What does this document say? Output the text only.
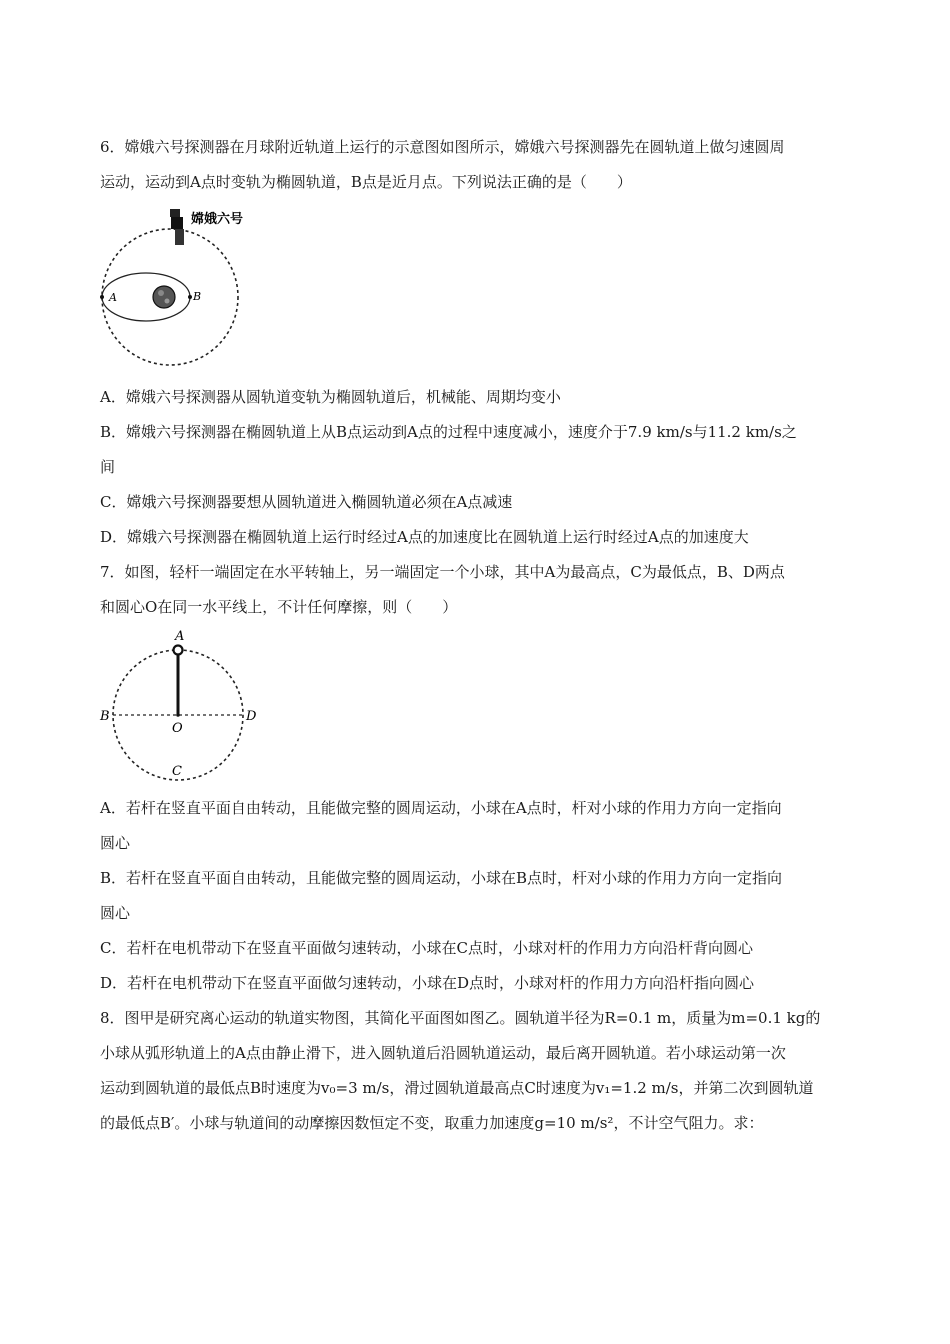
6．嫦娥六号探测器在月球附近轨道上运行的示意图如图所示，嫦娥六号探测器先在圆轨道上做匀速圆周
运动，运动到A点时变轨为椭圆轨道，B点是近月点。下列说法正确的是（　　）
A	B
嫦娥六号
A．嫦娥六号探测器从圆轨道变轨为椭圆轨道后，机械能、周期均变小
B．嫦娥六号探测器在椭圆轨道上从B点运动到A点的过程中速度减小，速度介于7.9 km/s与11.2 km/s之
间
C．嫦娥六号探测器要想从圆轨道进入椭圆轨道必须在A点减速
D．嫦娥六号探测器在椭圆轨道上运行时经过A点的加速度比在圆轨道上运行时经过A点的加速度大
7．如图，轻杆一端固定在水平转轴上，另一端固定一个小球，其中A为最高点，C为最低点，B、D两点
和圆心O在同一水平线上，不计任何摩擦，则（　　）
A
B	D
O
C
A．若杆在竖直平面自由转动，且能做完整的圆周运动，小球在A点时，杆对小球的作用力方向一定指向
圆心
B．若杆在竖直平面自由转动，且能做完整的圆周运动，小球在B点时，杆对小球的作用力方向一定指向
圆心
C．若杆在电机带动下在竖直平面做匀速转动，小球在C点时，小球对杆的作用力方向沿杆背向圆心
D．若杆在电机带动下在竖直平面做匀速转动，小球在D点时，小球对杆的作用力方向沿杆指向圆心
8．图甲是研究离心运动的轨道实物图，其简化平面图如图乙。圆轨道半径为R=0.1 m，质量为m=0.1 kg的
小球从弧形轨道上的A点由静止滑下，进入圆轨道后沿圆轨道运动，最后离开圆轨道。若小球运动第一次
运动到圆轨道的最低点B时速度为v₀=3 m/s，滑过圆轨道最高点C时速度为v₁=1.2 m/s，并第二次到圆轨道
的最低点B′。小球与轨道间的动摩擦因数恒定不变，取重力加速度g=10 m/s²，不计空气阻力。求：
